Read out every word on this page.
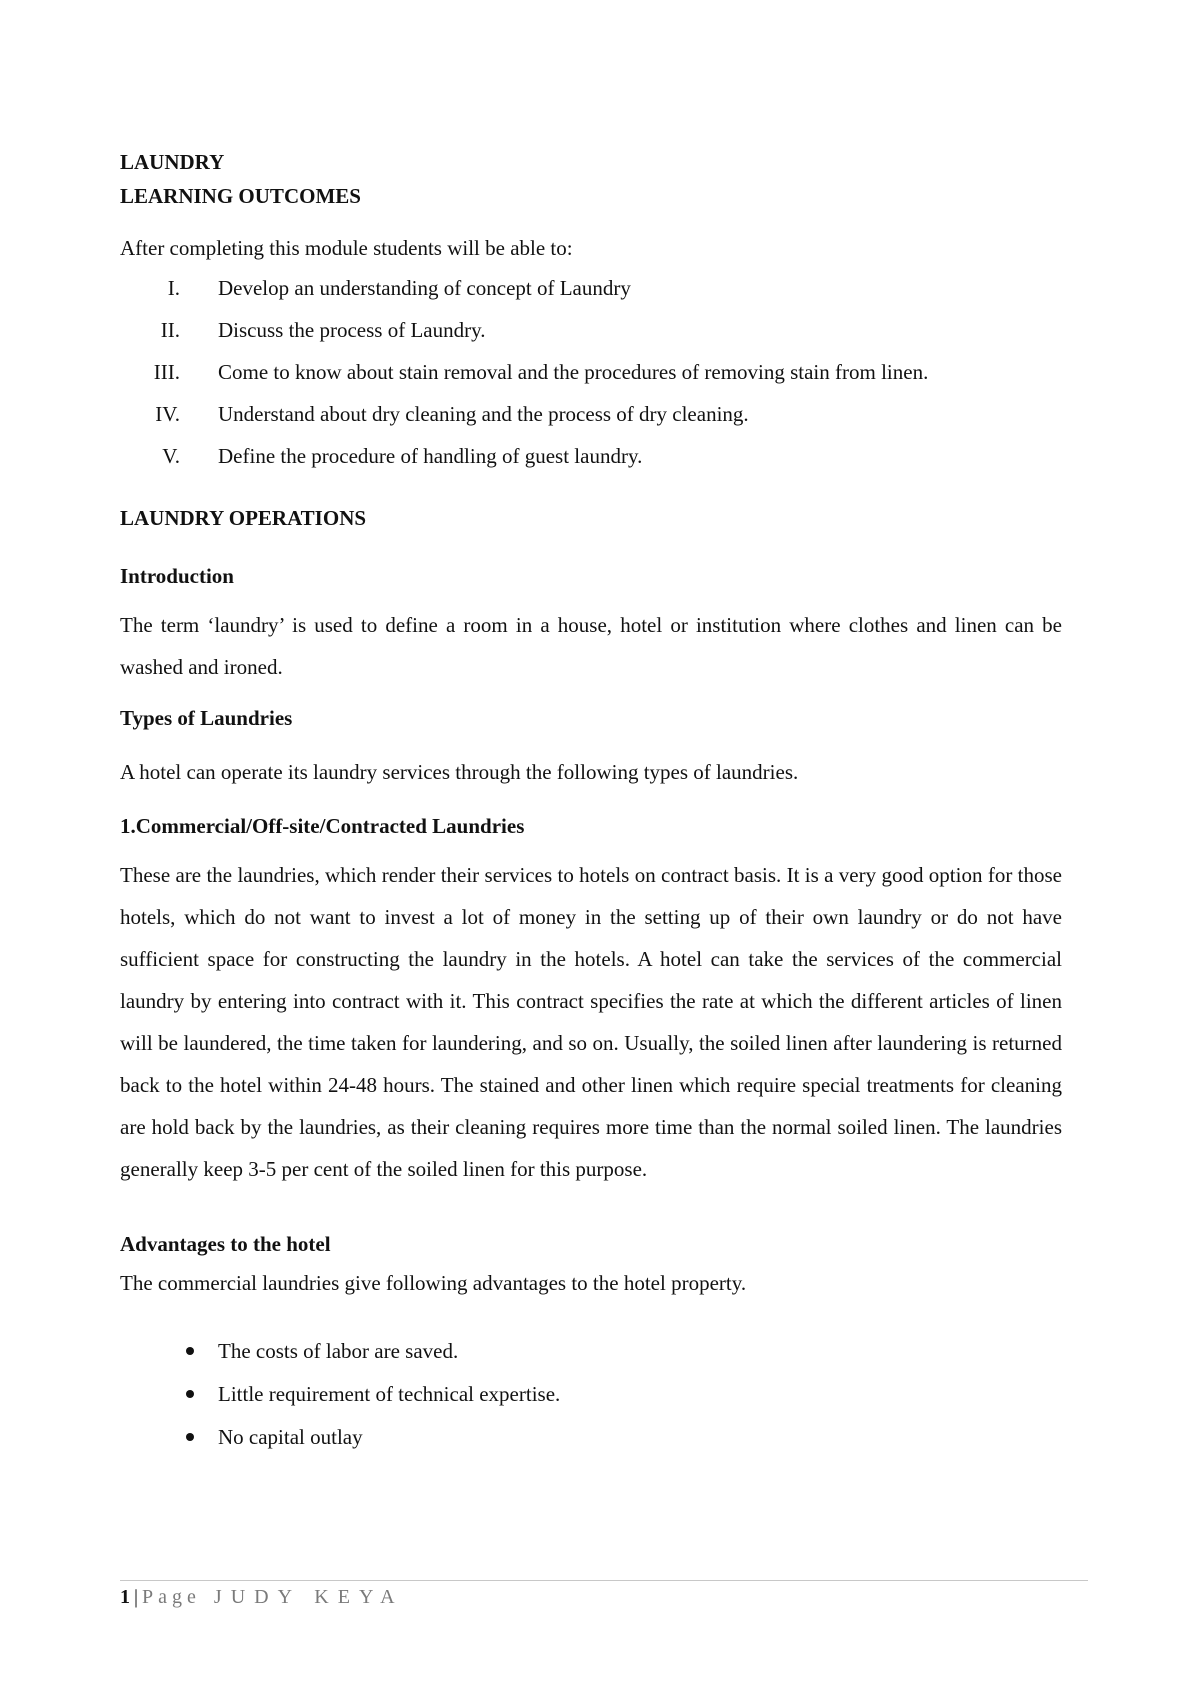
LAUNDRY
LEARNING OUTCOMES
After completing this module students will be able to:
I. Develop an understanding of concept of Laundry
II. Discuss the process of Laundry.
III. Come to know about stain removal and the procedures of removing stain from linen.
IV. Understand about dry cleaning and the process of dry cleaning.
V. Define the procedure of handling of guest laundry.
LAUNDRY OPERATIONS
Introduction

The term ‘laundry’ is used to define a room in a house, hotel or institution where clothes and linen can be washed and ironed.

Types of Laundries
A hotel can operate its laundry services through the following types of laundries.
1.Commercial/Off-site/Contracted Laundries

These are the laundries, which render their services to hotels on contract basis. It is a very good option for those hotels, which do not want to invest a lot of money in the setting up of their own laundry or do not have sufficient space for constructing the laundry in the hotels. A hotel can take the services of the commercial laundry by entering into contract with it. This contract specifies the rate at which the different articles of linen will be laundered, the time taken for laundering, and so on. Usually, the soiled linen after laundering is returned back to the hotel within 24-48 hours. The stained and other linen which require special treatments for cleaning are hold back by the laundries, as their cleaning requires more time than the normal soiled linen. The laundries generally keep 3-5 per cent of the soiled linen for this purpose.

Advantages to the hotel
The commercial laundries give following advantages to the hotel property.
The costs of labor are saved.
Little requirement of technical expertise.
No capital outlay
1 | Page JUDY KEYA
